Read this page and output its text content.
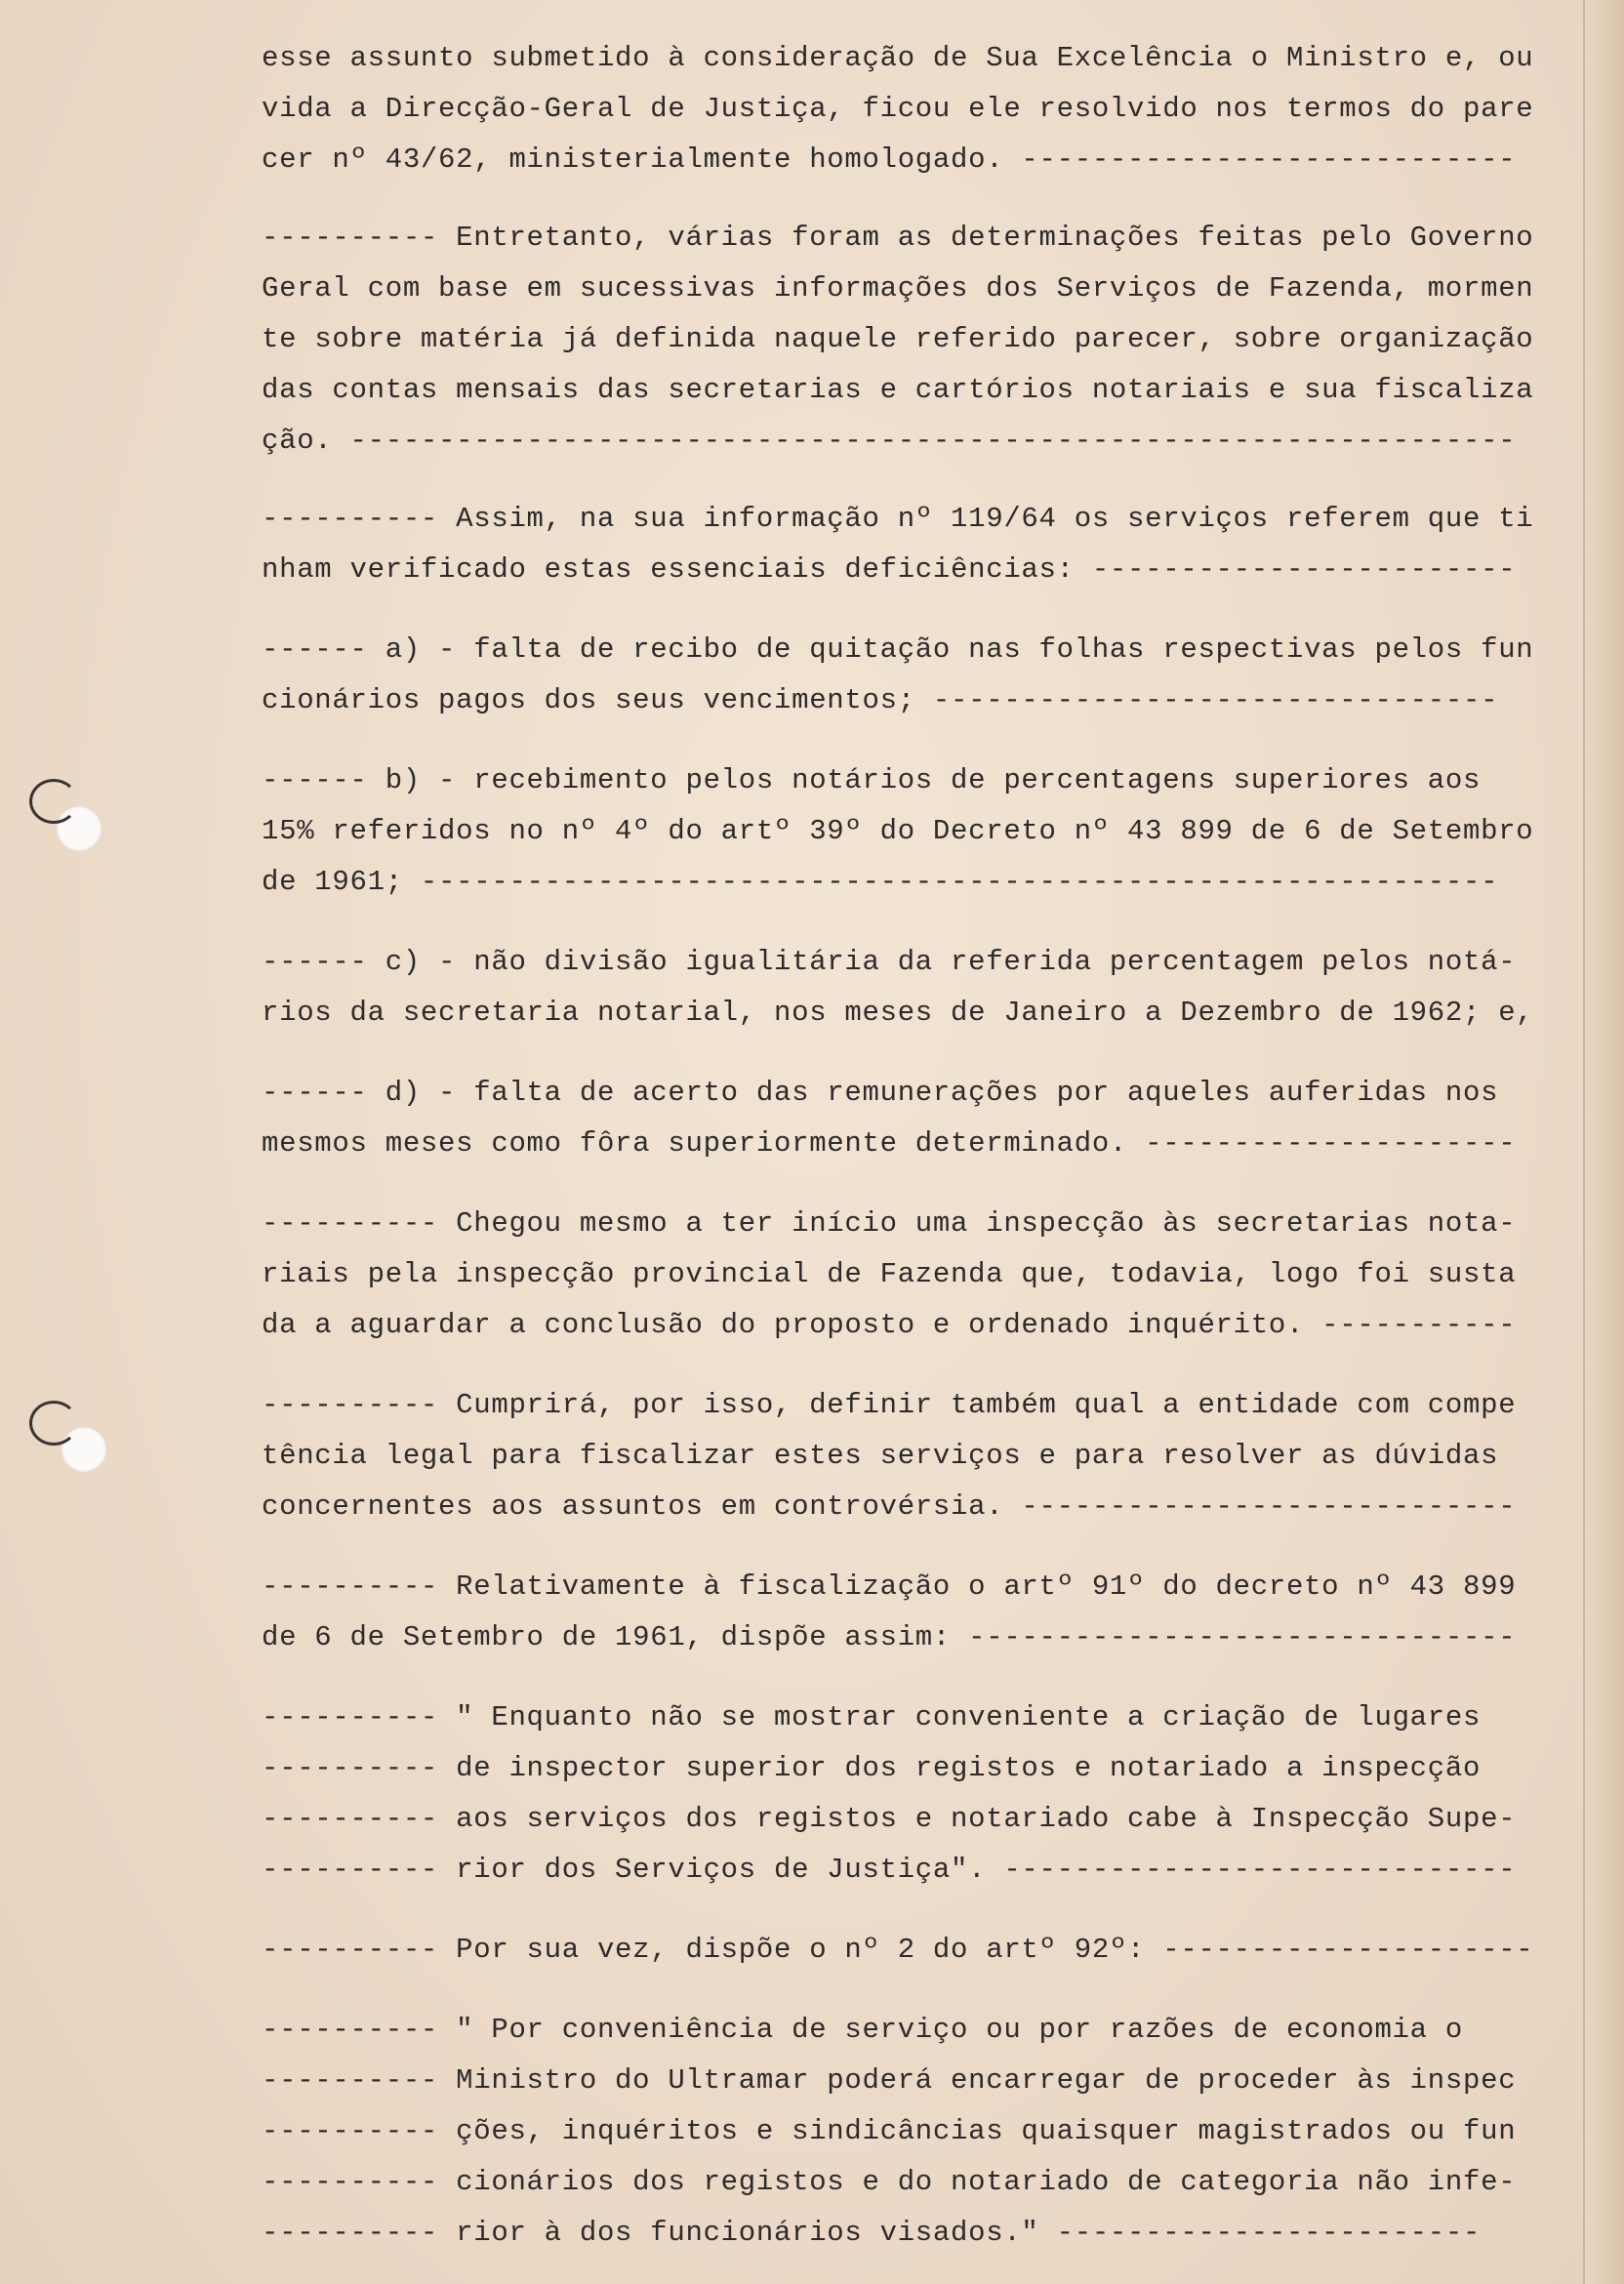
esse assunto submetido à consideração de Sua Excelência o Ministro e, ou
vida a Direcção-Geral de Justiça, ficou ele resolvido nos termos do pare
cer nº 43/62, ministerialmente homologado. ----------------------------
---------- Entretanto, várias foram as determinações feitas pelo Governo
Geral com base em sucessivas informações dos Serviços de Fazenda, mormen
te sobre matéria já definida naquele referido parecer, sobre organização
das contas mensais das secretarias e cartórios notariais e sua fiscaliza
ção. ------------------------------------------------------------------
---------- Assim, na sua informação nº 119/64 os serviços referem que ti
nham verificado estas essenciais deficiências: ------------------------
------ a) - falta de recibo de quitação nas folhas respectivas pelos fun
cionários pagos dos seus vencimentos; --------------------------------
------ b) - recebimento pelos notários de percentagens superiores aos
15% referidos no nº 4º do artº 39º do Decreto nº 43 899 de 6 de Setembro
de 1961; -------------------------------------------------------------
------ c) - não divisão igualitária da referida percentagem pelos notá-
rios da secretaria notarial, nos meses de Janeiro a Dezembro de 1962; e,
------ d) - falta de acerto das remunerações por aqueles auferidas nos
mesmos meses como fôra superiormente determinado. ---------------------
---------- Chegou mesmo a ter início uma inspecção às secretarias nota-
riais pela inspecção provincial de Fazenda que, todavia, logo foi susta
da a aguardar a conclusão do proposto e ordenado inquérito. -----------
---------- Cumprirá, por isso, definir também qual a entidade com compe
tência legal para fiscalizar estes serviços e para resolver as dúvidas
concernentes aos assuntos em controvérsia. ----------------------------
---------- Relativamente à fiscalização o artº 91º do decreto nº 43 899
de 6 de Setembro de 1961, dispõe assim: -------------------------------
---------- " Enquanto não se mostrar conveniente a criação de lugares
---------- de inspector superior dos registos e notariado a inspecção
---------- aos serviços dos registos e notariado cabe à Inspecção Supe-
---------- rior dos Serviços de Justiça". -----------------------------
---------- Por sua vez, dispõe o nº 2 do artº 92º: ---------------------
---------- " Por conveniência de serviço ou por razões de economia o
---------- Ministro do Ultramar poderá encarregar de proceder às inspec
---------- ções, inquéritos e sindicâncias quaisquer magistrados ou fun
---------- cionários dos registos e do notariado de categoria não infe-
---------- rior à dos funcionários visados." ------------------------
